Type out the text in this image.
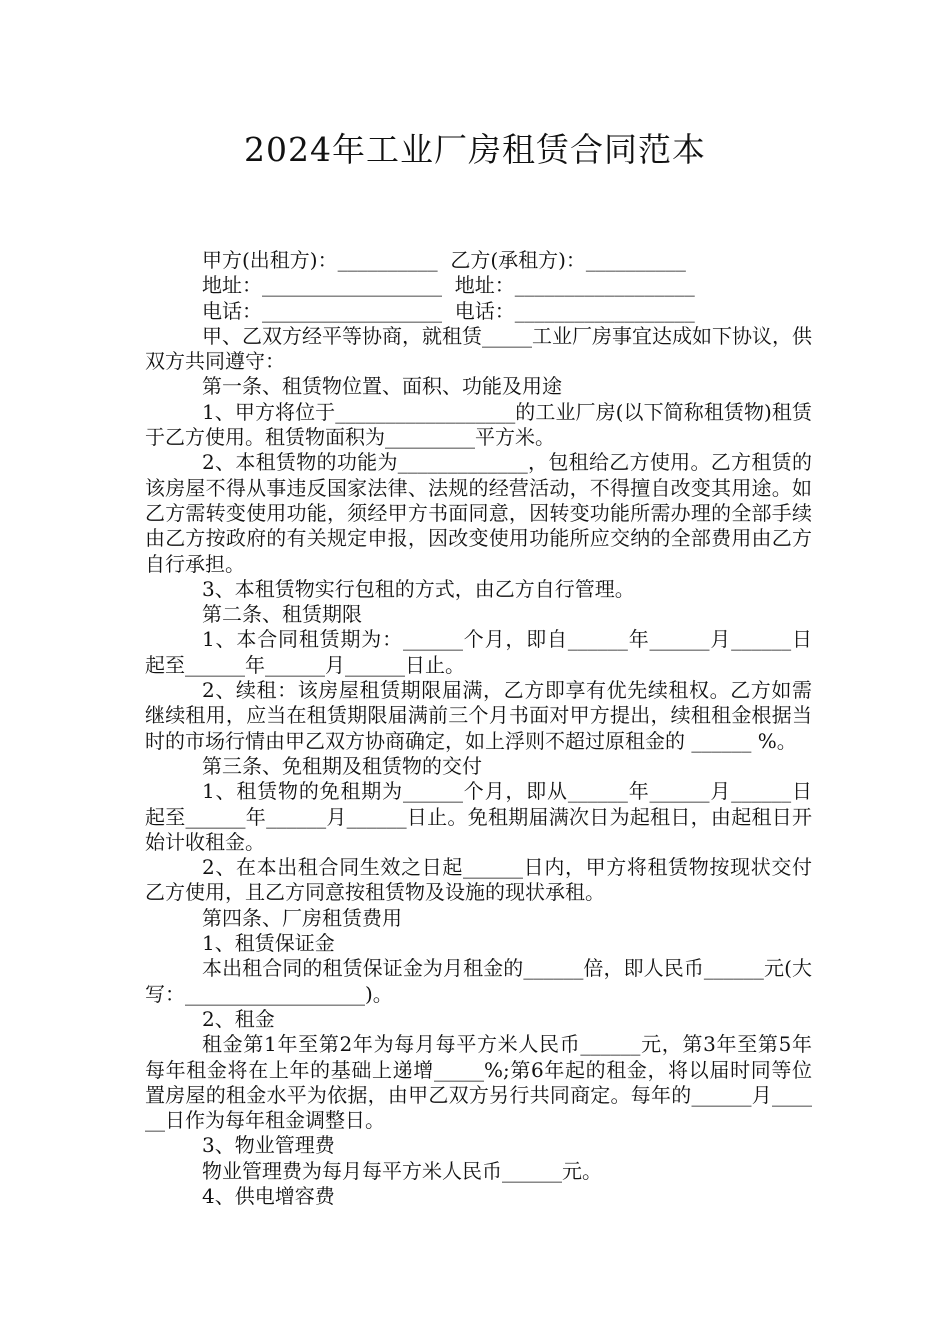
2024年工业厂房租赁合同范本
甲方(出租方)：__________  乙方(承租方)：__________
地址：__________________  地址：__________________
电话：__________________  电话：__________________
甲、乙双方经平等协商，就租赁_____工业厂房事宜达成如下协议，供双方共同遵守：
第一条、租赁物位置、面积、功能及用途
1、甲方将位于__________________的工业厂房(以下简称租赁物)租赁于乙方使用。租赁物面积为_________平方米。
2、本租赁物的功能为_____________，包租给乙方使用。乙方租赁的该房屋不得从事违反国家法律、法规的经营活动，不得擅自改变其用途。如乙方需转变使用功能，须经甲方书面同意，因转变功能所需办理的全部手续由乙方按政府的有关规定申报，因改变使用功能所应交纳的全部费用由乙方自行承担。
3、本租赁物实行包租的方式，由乙方自行管理。
第二条、租赁期限
1、本合同租赁期为：______个月，即自______年______月______日起至______年______月______日止。
2、续租：该房屋租赁期限届满，乙方即享有优先续租权。乙方如需继续租用，应当在租赁期限届满前三个月书面对甲方提出，续租租金根据当时的市场行情由甲乙双方协商确定，如上浮则不超过原租金的 ______ %。
第三条、免租期及租赁物的交付
1、租赁物的免租期为______个月，即从______年______月______日起至______年______月______日止。免租期届满次日为起租日，由起租日开始计收租金。
2、在本出租合同生效之日起______日内，甲方将租赁物按现状交付乙方使用，且乙方同意按租赁物及设施的现状承租。
第四条、厂房租赁费用
1、租赁保证金
本出租合同的租赁保证金为月租金的______倍，即人民币______元(大写：__________________)。
2、租金
租金第1年至第2年为每月每平方米人民币______元，第3年至第5年每年租金将在上年的基础上递增_____%;第6年起的租金，将以届时同等位置房屋的租金水平为依据，由甲乙双方另行共同商定。每年的______月______日作为每年租金调整日。
3、物业管理费
物业管理费为每月每平方米人民币______元。
4、供电增容费
